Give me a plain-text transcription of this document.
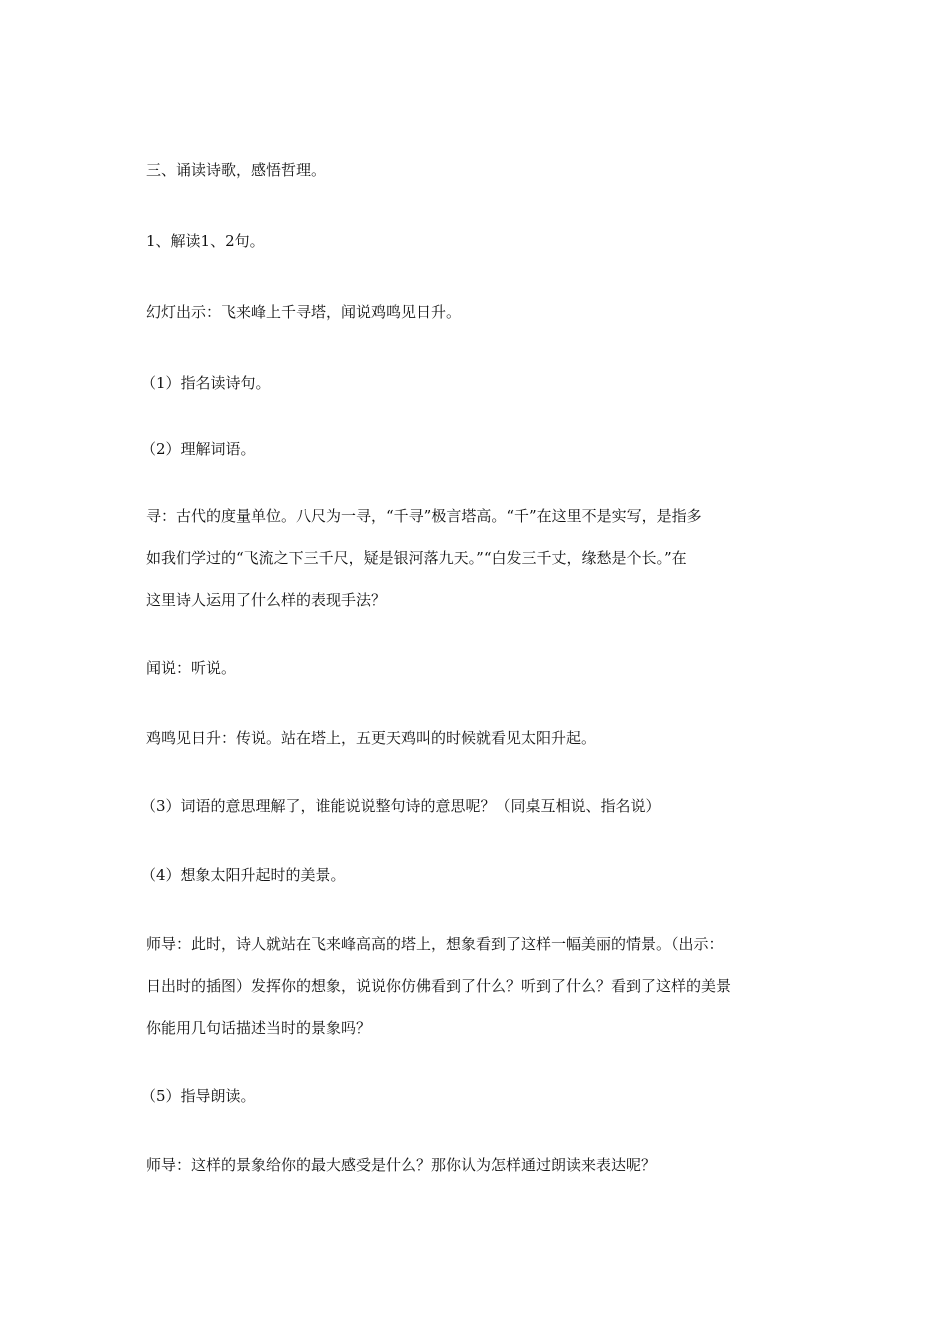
三、诵读诗歌，感悟哲理。

1、解读1、2句。

幻灯出示：飞来峰上千寻塔，闻说鸡鸣见日升。

（1）指名读诗句。

（2）理解词语。

寻：古代的度量单位。八尺为一寻，“千寻”极言塔高。“千”在这里不是实写，是指多
如我们学过的“飞流之下三千尺，疑是银河落九天。”“白发三千丈，缘愁是个长。”在
这里诗人运用了什么样的表现手法？

闻说：听说。

鸡鸣见日升：传说。站在塔上，五更天鸡叫的时候就看见太阳升起。

（3）词语的意思理解了，谁能说说整句诗的意思呢？（同桌互相说、指名说）

（4）想象太阳升起时的美景。

师导：此时，诗人就站在飞来峰高高的塔上，想象看到了这样一幅美丽的情景。（出示：
日出时的插图）发挥你的想象，说说你仿佛看到了什么？听到了什么？看到了这样的美景
你能用几句话描述当时的景象吗？

（5）指导朗读。

师导：这样的景象给你的最大感受是什么？那你认为怎样通过朗读来表达呢？
